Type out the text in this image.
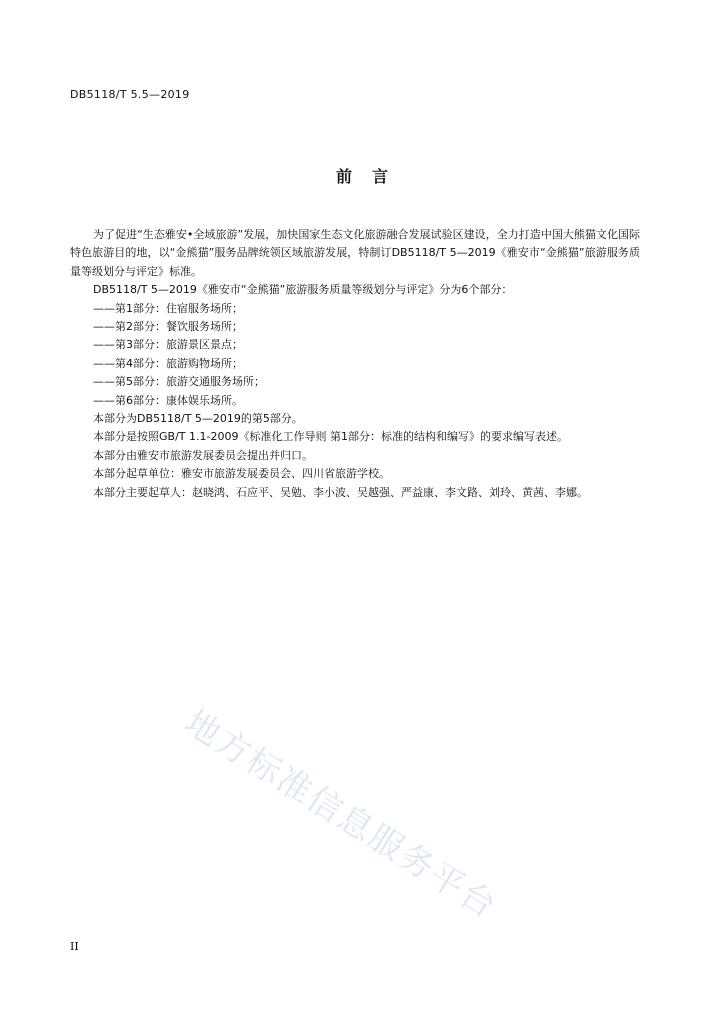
DB5118/T 5.5—2019
前言

为了促进“生态雅安•全域旅游”发展，加快国家生态文化旅游融合发展试验区建设，全力打造中国大熊猫文化国际特色旅游目的地，以“金熊猫”服务品牌统领区域旅游发展，特制订DB5118/T 5—2019《雅安市“金熊猫”旅游服务质量等级划分与评定》标准。

DB5118/T 5—2019《雅安市“金熊猫”旅游服务质量等级划分与评定》分为6个部分：

——第1部分：住宿服务场所；

——第2部分：餐饮服务场所；

——第3部分：旅游景区景点；

——第4部分：旅游购物场所；

——第5部分：旅游交通服务场所；

——第6部分：康体娱乐场所。

本部分为DB5118/T 5—2019的第5部分。

本部分是按照GB/T 1.1-2009《标准化工作导则 第1部分：标准的结构和编写》的要求编写表述。

本部分由雅安市旅游发展委员会提出并归口。

本部分起草单位：雅安市旅游发展委员会、四川省旅游学校。

本部分主要起草人：赵晓鸿、石应平、吴勉、李小波、吴越强、严益康、李文路、刘玲、黄茜、李娜。

地方标准信息服务平台
II
